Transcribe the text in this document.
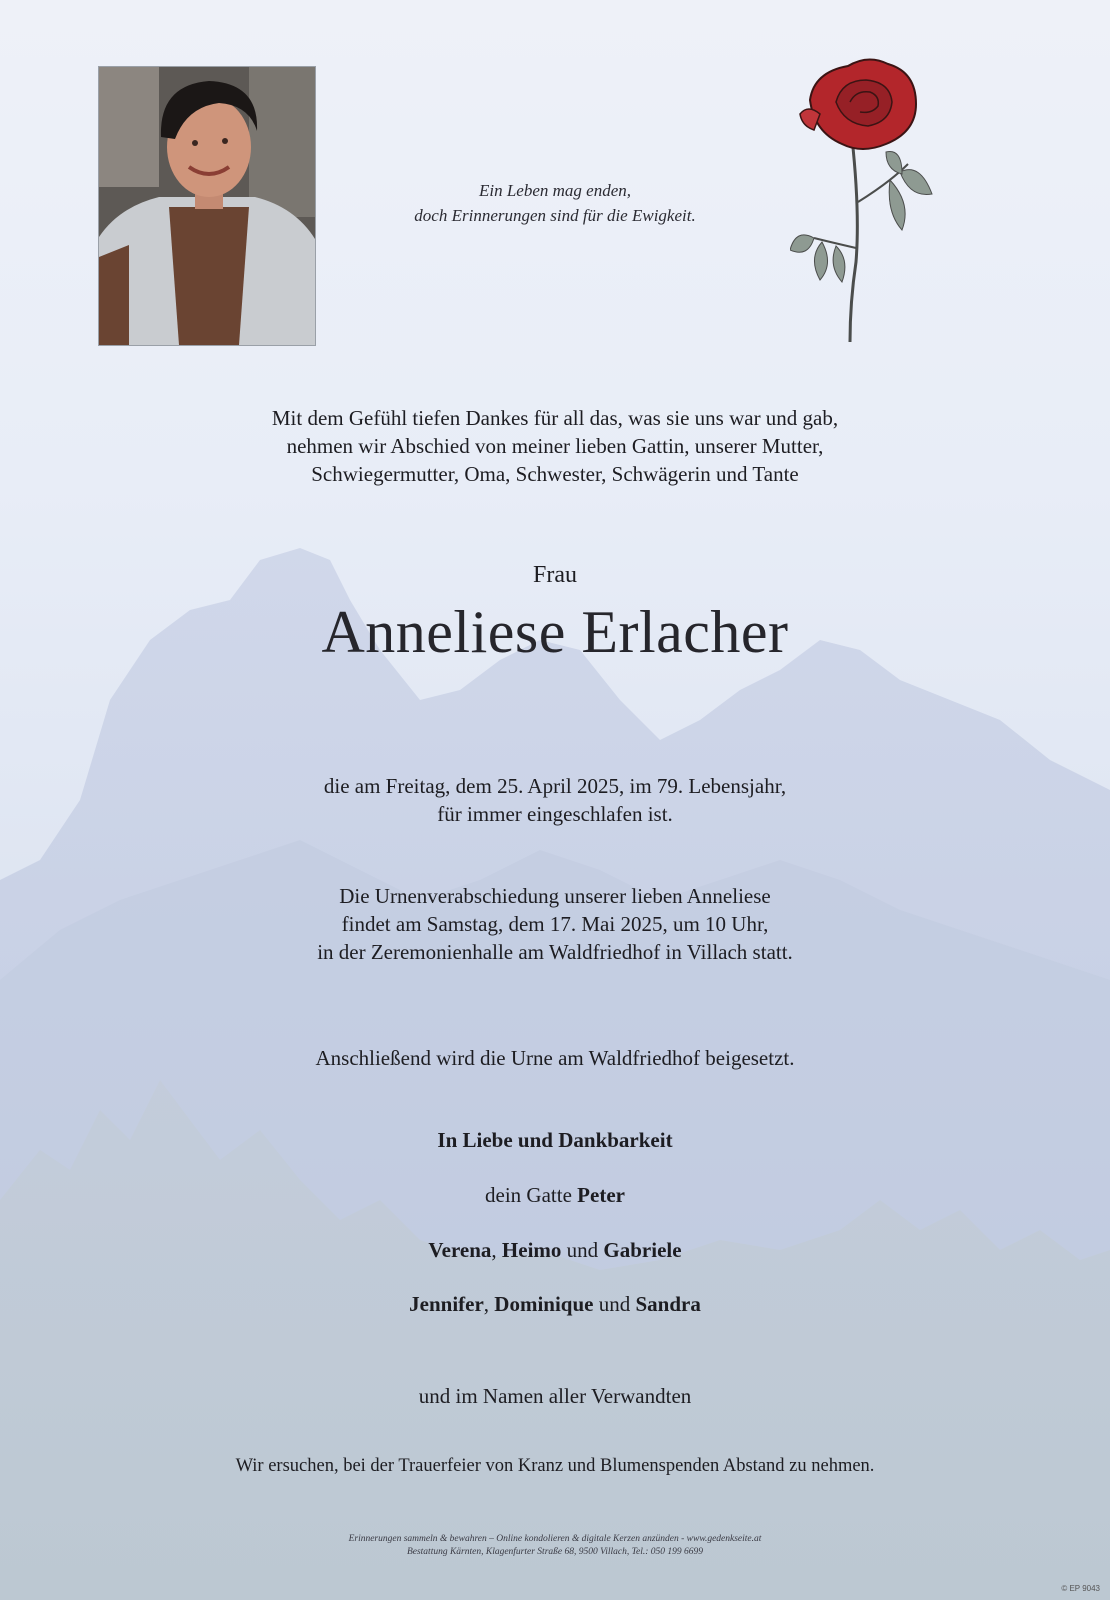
Ein Leben mag enden,
doch Erinnerungen sind für die Ewigkeit.
Mit dem Gefühl tiefen Dankes für all das, was sie uns war und gab,
nehmen wir Abschied von meiner lieben Gattin, unserer Mutter,
Schwiegermutter, Oma, Schwester, Schwägerin und Tante
Frau
Anneliese Erlacher
die am Freitag, dem 25. April 2025, im 79. Lebensjahr,
für immer eingeschlafen ist.
Die Urnenverabschiedung unserer lieben Anneliese
findet am Samstag, dem 17. Mai 2025, um 10 Uhr,
in der Zeremonienhalle am Waldfriedhof in Villach statt.
Anschließend wird die Urne am Waldfriedhof beigesetzt.
In Liebe und Dankbarkeit
dein Gatte Peter
Verena, Heimo und Gabriele
Jennifer, Dominique und Sandra
und im Namen aller Verwandten
Wir ersuchen, bei der Trauerfeier von Kranz und Blumenspenden Abstand zu nehmen.
Erinnerungen sammeln & bewahren – Online kondolieren & digitale Kerzen anzünden - www.gedenkseite.at
Bestattung Kärnten, Klagenfurter Straße 68, 9500 Villach, Tel.: 050 199 6699
© EP 9043
